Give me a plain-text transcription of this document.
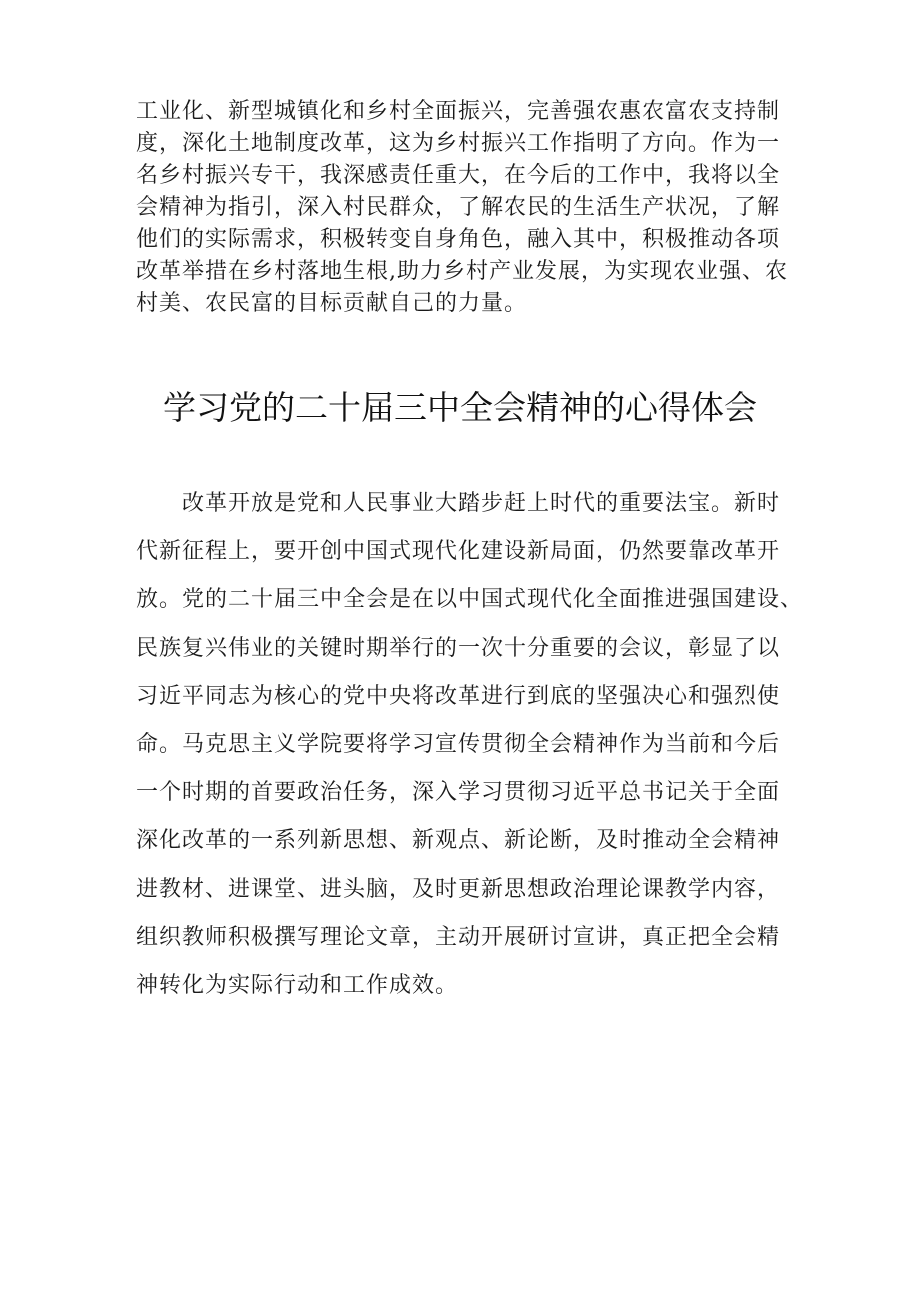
工业化、新型城镇化和乡村全面振兴，完善强农惠农富农支持制
度，深化土地制度改革，这为乡村振兴工作指明了方向。作为一
名乡村振兴专干，我深感责任重大，在今后的工作中，我将以全
会精神为指引，深入村民群众，了解农民的生活生产状况，了解
他们的实际需求，积极转变自身角色，融入其中，积极推动各项
改革举措在乡村落地生根,助力乡村产业发展，为实现农业强、农
村美、农民富的目标贡献自己的力量。
学习党的二十届三中全会精神的心得体会
　　改革开放是党和人民事业大踏步赶上时代的重要法宝。新时
代新征程上，要开创中国式现代化建设新局面，仍然要靠改革开
放。党的二十届三中全会是在以中国式现代化全面推进强国建设、
民族复兴伟业的关键时期举行的一次十分重要的会议，彰显了以
习近平同志为核心的党中央将改革进行到底的坚强决心和强烈使
命。马克思主义学院要将学习宣传贯彻全会精神作为当前和今后
一个时期的首要政治任务，深入学习贯彻习近平总书记关于全面
深化改革的一系列新思想、新观点、新论断，及时推动全会精神
进教材、进课堂、进头脑，及时更新思想政治理论课教学内容，
组织教师积极撰写理论文章，主动开展研讨宣讲，真正把全会精
神转化为实际行动和工作成效。
